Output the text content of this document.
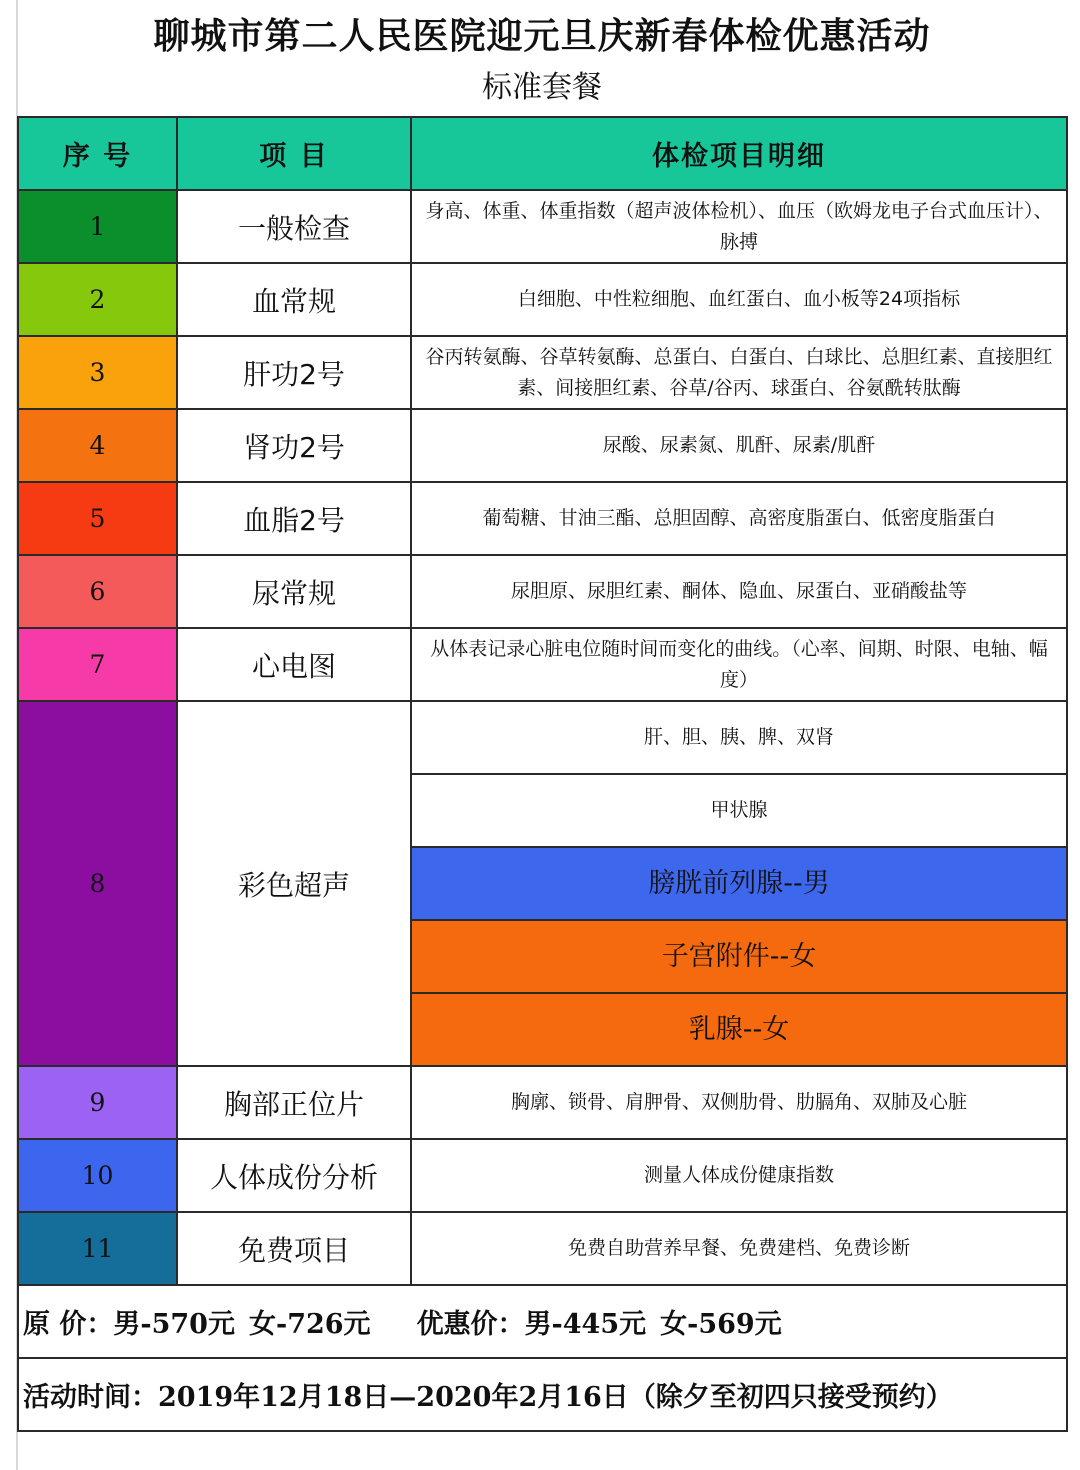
聊城市第二人民医院迎元旦庆新春体检优惠活动
标准套餐
序 号	项 目	体检项目明细
1	一般检查	身高、体重、体重指数（超声波体检机）、血压（欧姆龙电子台式血压计）、脉搏
2	血常规	白细胞、中性粒细胞、血红蛋白、血小板等24项指标
3	肝功2号	谷丙转氨酶、谷草转氨酶、总蛋白、白蛋白、白球比、总胆红素、直接胆红素、间接胆红素、谷草/谷丙、球蛋白、谷氨酰转肽酶
4	肾功2号	尿酸、尿素氮、肌酐、尿素/肌酐
5	血脂2号	葡萄糖、甘油三酯、总胆固醇、高密度脂蛋白、低密度脂蛋白
6	尿常规	尿胆原、尿胆红素、酮体、隐血、尿蛋白、亚硝酸盐等
7	心电图	从体表记录心脏电位随时间而变化的曲线。（心率、间期、时限、电轴、幅度）
8	彩色超声	肝、胆、胰、脾、双肾
		甲状腺
		膀胱前列腺--男
		子宫附件--女
		乳腺--女
9	胸部正位片	胸廓、锁骨、肩胛骨、双侧肋骨、肋膈角、双肺及心脏
10	人体成份分析	测量人体成份健康指数
11	免费项目	免费自助营养早餐、免费建档、免费诊断
原 价：男-570元 女-726元 优惠价：男-445元 女-569元		
活动时间：2019年12月18日—2020年2月16日（除夕至初四只接受预约）		
